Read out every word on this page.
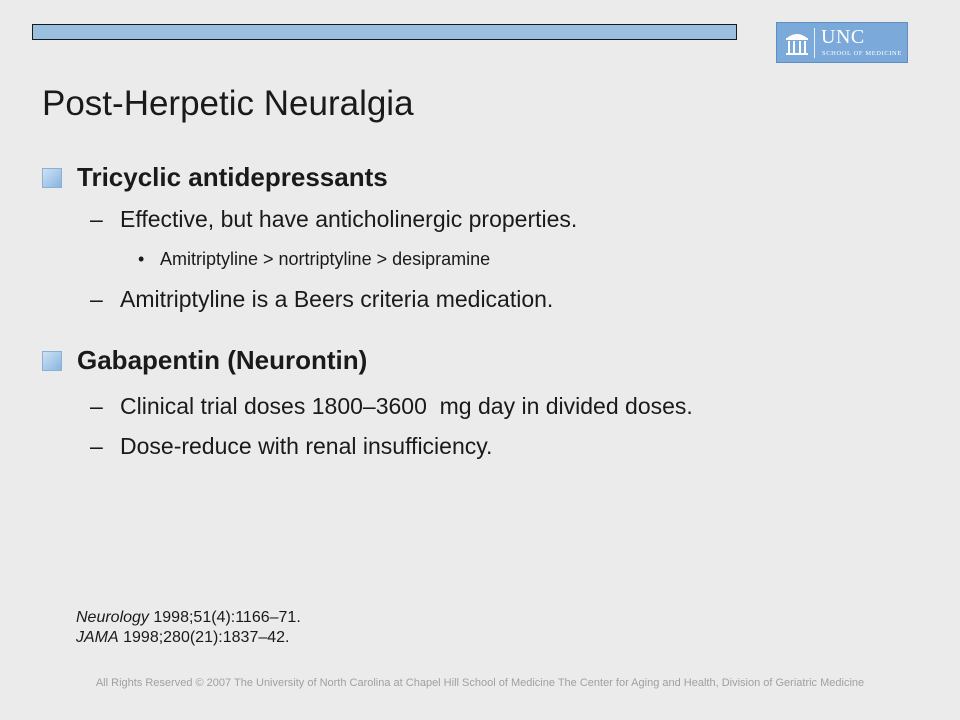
UNC
SCHOOL OF MEDICINE
Post-Herpetic Neuralgia
Tricyclic antidepressants
– Effective, but have anticholinergic properties.
• Amitriptyline > nortriptyline > desipramine
– Amitriptyline is a Beers criteria medication.
Gabapentin (Neurontin)
– Clinical trial doses 1800–3600  mg day in divided doses.
– Dose-reduce with renal insufficiency.
Neurology 1998;51(4):1166–71.
JAMA 1998;280(21):1837–42.
All Rights Reserved © 2007 The University of North Carolina at Chapel Hill School of Medicine The Center for Aging and Health, Division of Geriatric Medicine
